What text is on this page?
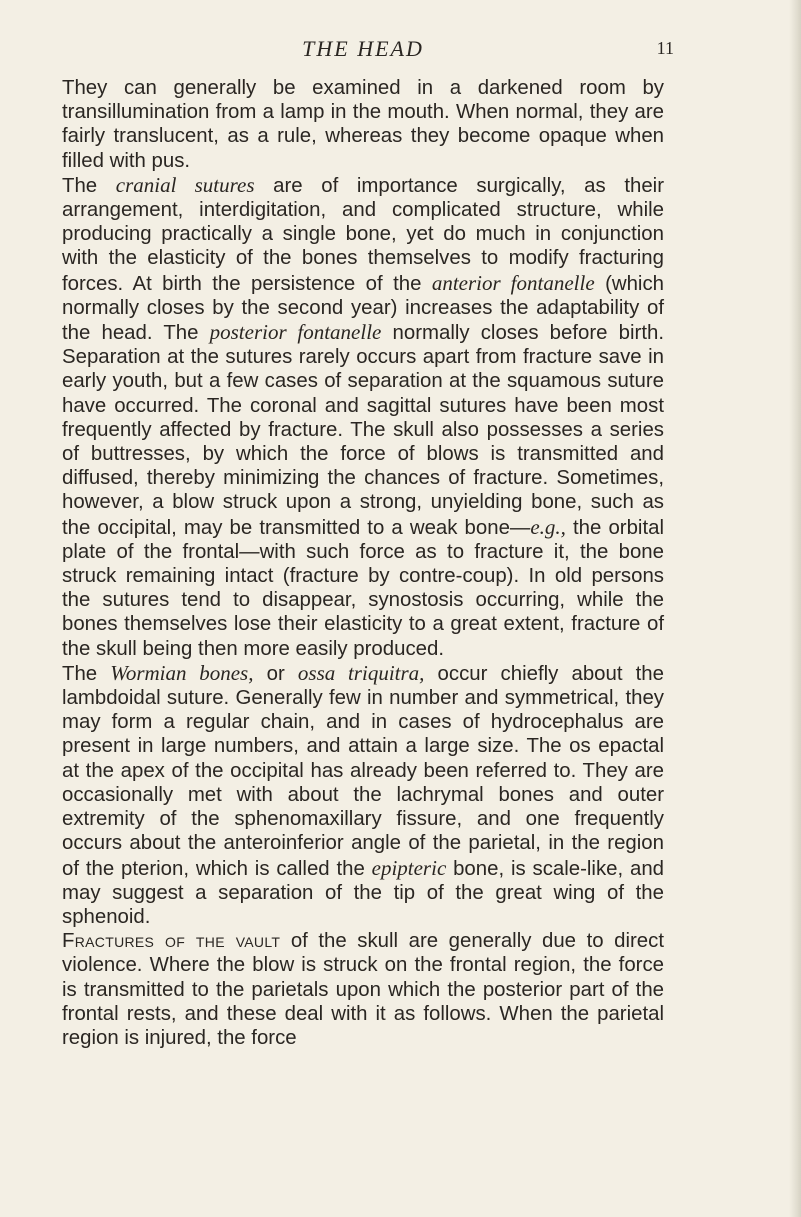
THE HEAD	11

They can generally be examined in a darkened room by transillumination from a lamp in the mouth. When normal, they are fairly translucent, as a rule, whereas they become opaque when filled with pus.

The cranial sutures are of importance surgically, as their arrangement, interdigitation, and complicated structure, while producing practically a single bone, yet do much in conjunction with the elasticity of the bones themselves to modify fracturing forces. At birth the persistence of the anterior fontanelle (which normally closes by the second year) increases the adaptability of the head. The posterior fontanelle normally closes before birth. Separation at the sutures rarely occurs apart from fracture save in early youth, but a few cases of separation at the squamous suture have occurred. The coronal and sagittal sutures have been most frequently affected by fracture. The skull also possesses a series of buttresses, by which the force of blows is transmitted and diffused, thereby minimizing the chances of fracture. Sometimes, however, a blow struck upon a strong, unyielding bone, such as the occipital, may be transmitted to a weak bone—e.g., the orbital plate of the frontal—with such force as to fracture it, the bone struck remaining intact (fracture by contre-coup). In old persons the sutures tend to disappear, synostosis occurring, while the bones themselves lose their elasticity to a great extent, fracture of the skull being then more easily produced.

The Wormian bones, or ossa triquitra, occur chiefly about the lambdoidal suture. Generally few in number and symmetrical, they may form a regular chain, and in cases of hydrocephalus are present in large numbers, and attain a large size. The os epactal at the apex of the occipital has already been referred to. They are occasionally met with about the lachrymal bones and outer extremity of the sphenomaxillary fissure, and one frequently occurs about the anteroinferior angle of the parietal, in the region of the pterion, which is called the epipteric bone, is scale-like, and may suggest a separation of the tip of the great wing of the sphenoid.

Fractures of the vault of the skull are generally due to direct violence. Where the blow is struck on the frontal region, the force is transmitted to the parietals upon which the posterior part of the frontal rests, and these deal with it as follows. When the parietal region is injured, the force
